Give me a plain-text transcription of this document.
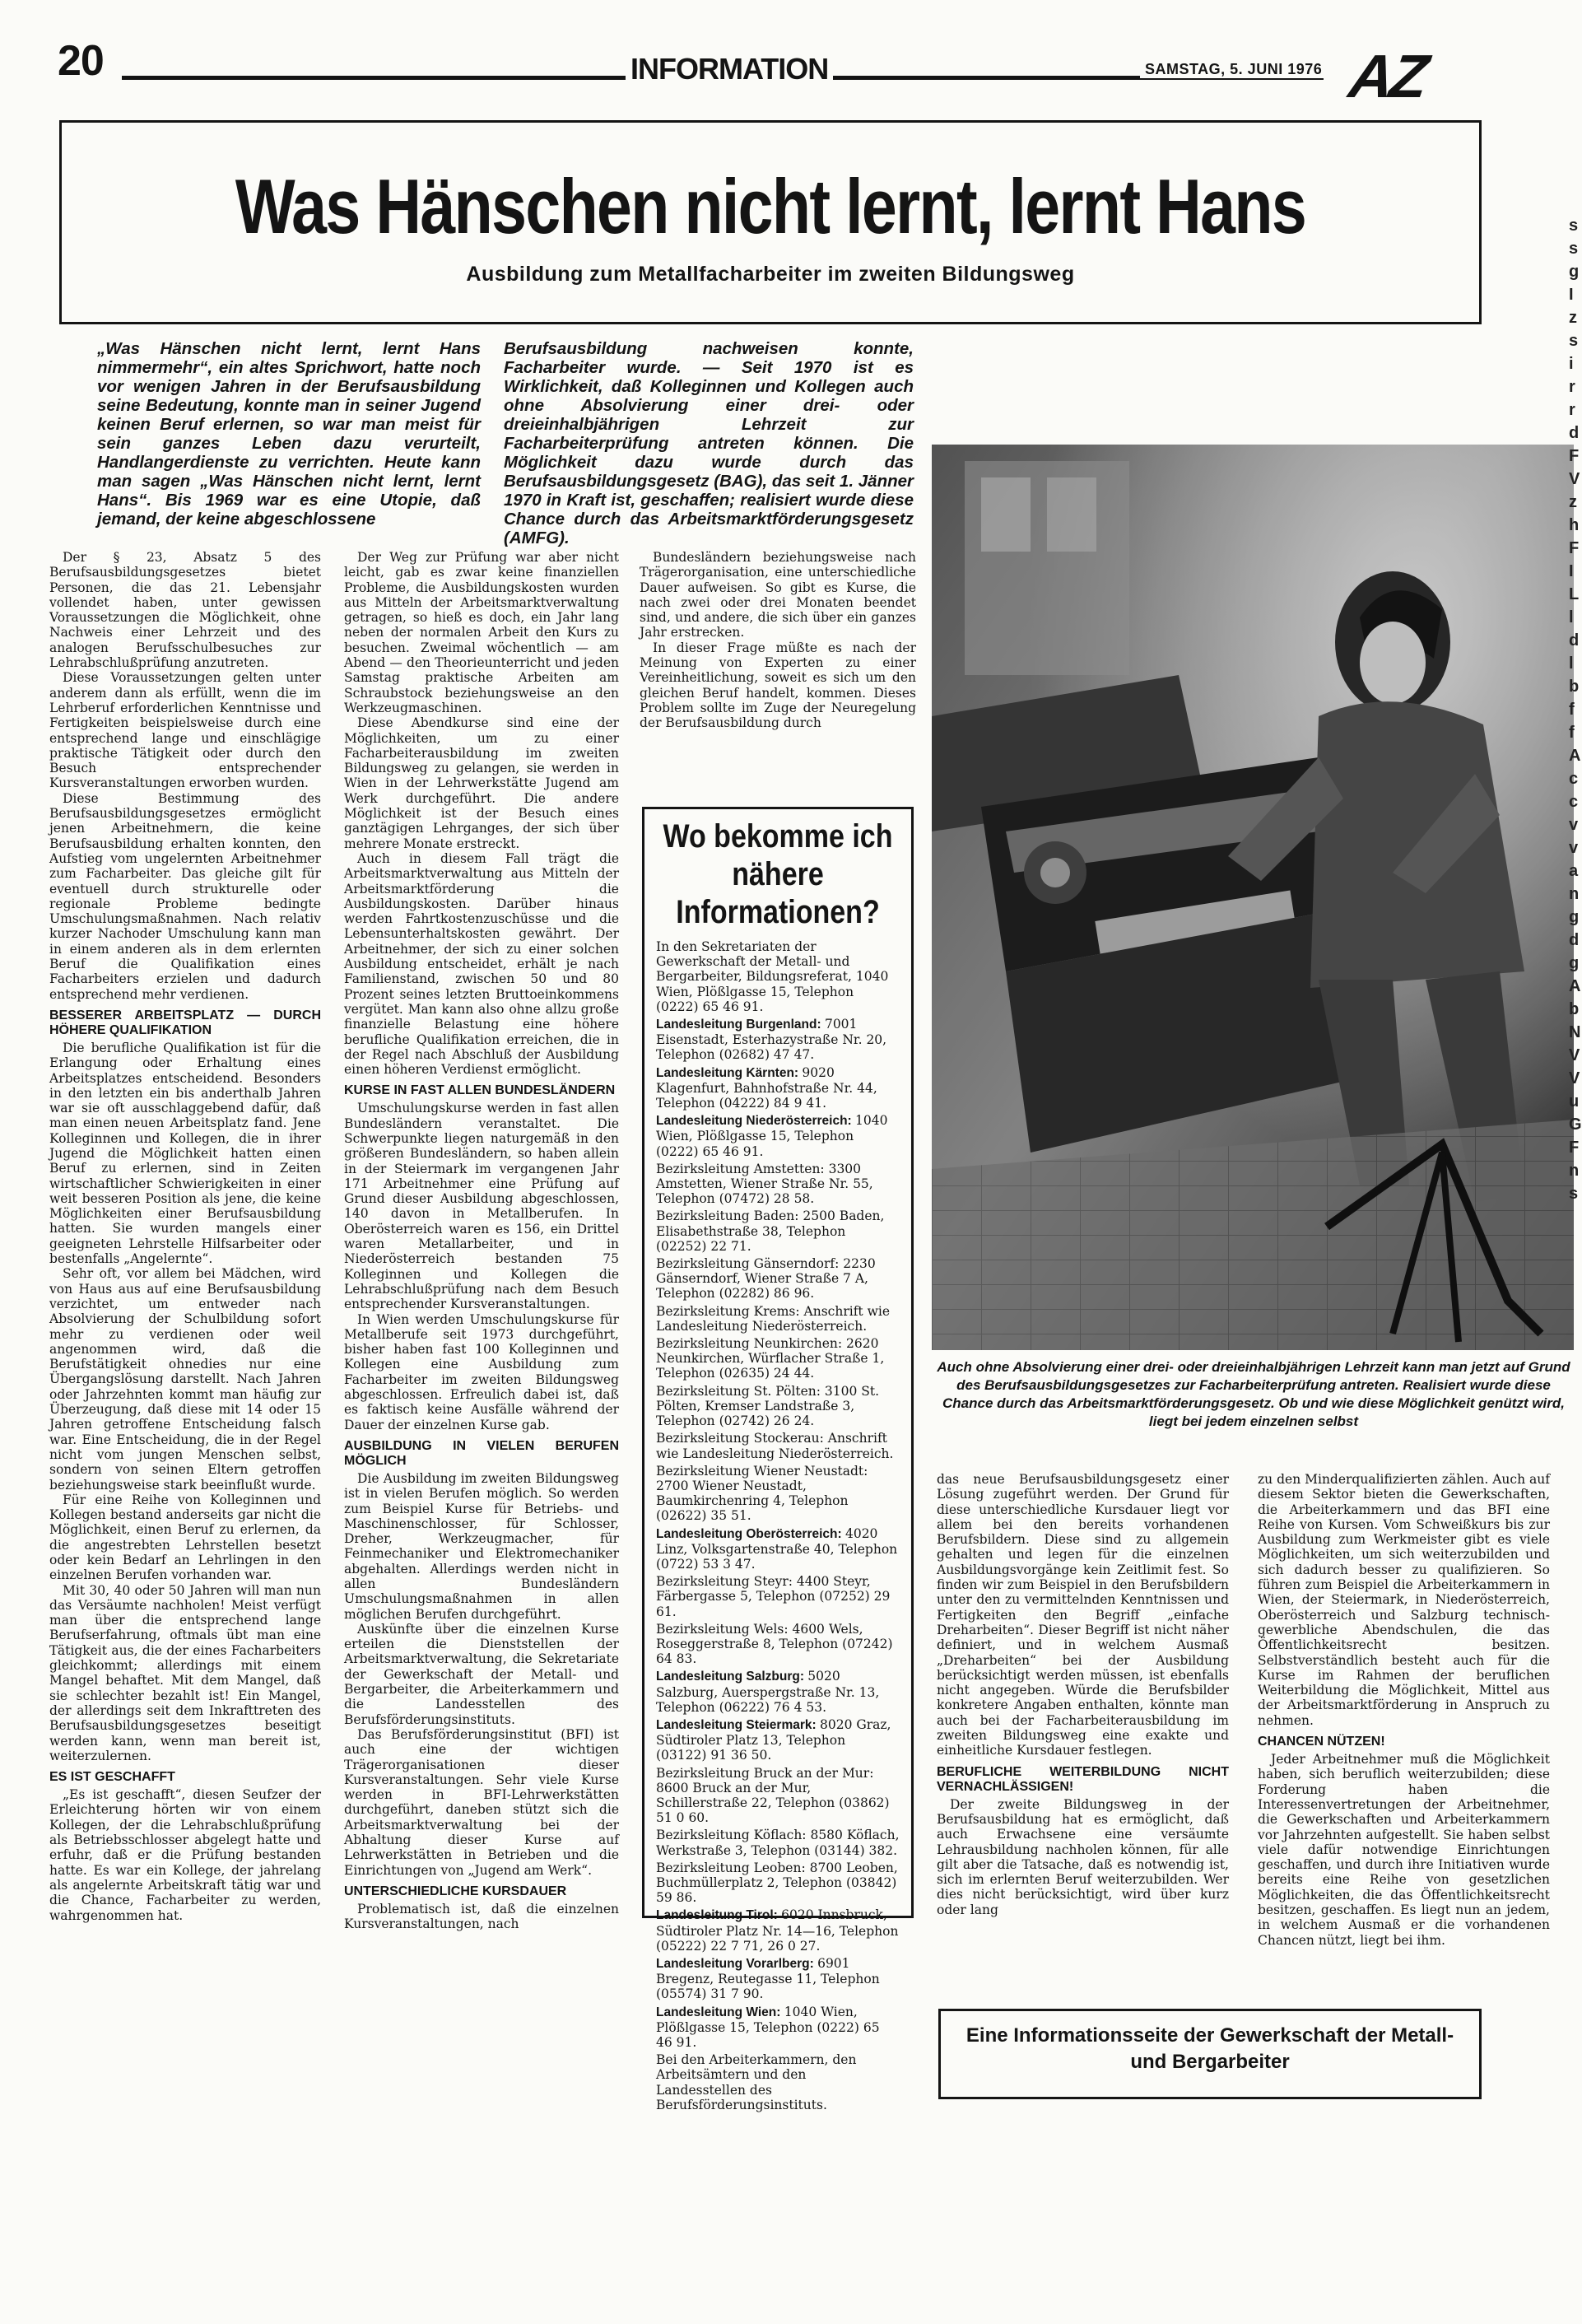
20	INFORMATION	SAMSTAG, 5. JUNI 1976 AZ
Was Hänschen nicht lernt, lernt Hans
Ausbildung zum Metallfacharbeiter im zweiten Bildungsweg
„Was Hänschen nicht lernt, lernt Hans nimmermehr“, ein altes Sprichwort, hatte noch vor wenigen Jahren in der Berufsausbildung seine Bedeutung, konnte man in seiner Jugend keinen Beruf erlernen, so war man meist für sein ganzes Leben dazu verurteilt, Handlangerdienste zu verrichten. Heute kann man sagen „Was Hänschen nicht lernt, lernt Hans“. Bis 1969 war es eine Utopie, daß jemand, der keine abgeschlossene
Berufsausbildung nachweisen konnte, Facharbeiter wurde. — Seit 1970 ist es Wirklichkeit, daß Kolleginnen und Kollegen auch ohne Absolvierung einer drei- oder dreieinhalbjährigen Lehrzeit zur Facharbeiterprüfung antreten können. Die Möglichkeit dazu wurde durch das Berufsausbildungsgesetz (BAG), das seit 1. Jänner 1970 in Kraft ist, geschaffen; realisiert wurde diese Chance durch das Arbeitsmarktförderungsgesetz (AMFG).

Der § 23, Absatz 5 des Berufsausbildungsgesetzes bietet Personen, die das 21. Lebensjahr vollendet haben, unter gewissen Voraussetzungen die Möglichkeit, ohne Nachweis einer Lehrzeit und des analogen Berufsschulbesuches zur Lehrabschlußprüfung anzutreten.

Diese Voraussetzungen gelten unter anderem dann als erfüllt, wenn die im Lehrberuf erforderlichen Kenntnisse und Fertigkeiten beispielsweise durch eine entsprechend lange und einschlägige praktische Tätigkeit oder durch den Besuch entsprechender Kursveranstaltungen erworben wurden.

Diese Bestimmung des Berufsausbildungsgesetzes ermöglicht jenen Arbeitnehmern, die keine Berufsausbildung erhalten konnten, den Aufstieg vom ungelernten Arbeitnehmer zum Facharbeiter. Das gleiche gilt für eventuell durch strukturelle oder regionale Probleme bedingte Umschulungsmaßnahmen. Nach relativ kurzer Nachoder Umschulung kann man in einem anderen als in dem erlernten Beruf die Qualifikation eines Facharbeiters erzielen und dadurch entsprechend mehr verdienen.

BESSERER ARBEITSPLATZ — DURCH HÖHERE QUALIFIKATION

Die berufliche Qualifikation ist für die Erlangung oder Erhaltung eines Arbeitsplatzes entscheidend. Besonders in den letzten ein bis anderthalb Jahren war sie oft ausschlaggebend dafür, daß man einen neuen Arbeitsplatz fand. Jene Kolleginnen und Kollegen, die in ihrer Jugend die Möglichkeit hatten einen Beruf zu erlernen, sind in Zeiten wirtschaftlicher Schwierigkeiten in einer weit besseren Position als jene, die keine Möglichkeiten einer Berufsausbildung hatten. Sie wurden mangels einer geeigneten Lehrstelle Hilfsarbeiter oder bestenfalls „Angelernte“.

Sehr oft, vor allem bei Mädchen, wird von Haus aus auf eine Berufsausbildung verzichtet, um entweder nach Absolvierung der Schulbildung sofort mehr zu verdienen oder weil angenommen wird, daß die Berufstätigkeit ohnedies nur eine Übergangslösung darstellt. Nach Jahren oder Jahrzehnten kommt man häufig zur Überzeugung, daß diese mit 14 oder 15 Jahren getroffene Entscheidung falsch war. Eine Entscheidung, die in der Regel nicht vom jungen Menschen selbst, sondern von seinen Eltern getroffen beziehungsweise stark beeinflußt wurde.

Für eine Reihe von Kolleginnen und Kollegen bestand anderseits gar nicht die Möglichkeit, einen Beruf zu erlernen, da die angestrebten Lehrstellen besetzt oder kein Bedarf an Lehrlingen in den einzelnen Berufen vorhanden war.

Mit 30, 40 oder 50 Jahren will man nun das Versäumte nachholen! Meist verfügt man über die entsprechend lange Berufserfahrung, oftmals übt man eine Tätigkeit aus, die der eines Facharbeiters gleichkommt; allerdings mit einem Mangel behaftet. Mit dem Mangel, daß sie schlechter bezahlt ist! Ein Mangel, der allerdings seit dem Inkrafttreten des Berufsausbildungsgesetzes beseitigt werden kann, wenn man bereit ist, weiterzulernen.

ES IST GESCHAFFT

„Es ist geschafft“, diesen Seufzer der Erleichterung hörten wir von einem Kollegen, der die Lehrabschlußprüfung als Betriebsschlosser abgelegt hatte und erfuhr, daß er die Prüfung bestanden hatte. Es war ein Kollege, der jahrelang als angelernte Arbeitskraft tätig war und die Chance, Facharbeiter zu werden, wahrgenommen hat.

Der Weg zur Prüfung war aber nicht leicht, gab es zwar keine finanziellen Probleme, die Ausbildungskosten wurden aus Mitteln der Arbeitsmarktverwaltung getragen, so hieß es doch, ein Jahr lang neben der normalen Arbeit den Kurs zu besuchen. Zweimal wöchentlich — am Abend — den Theorieunterricht und jeden Samstag praktische Arbeiten am Schraubstock beziehungsweise an den Werkzeugmaschinen.

Diese Abendkurse sind eine der Möglichkeiten, um zu einer Facharbeiterausbildung im zweiten Bildungsweg zu gelangen, sie werden in Wien in der Lehrwerkstätte Jugend am Werk durchgeführt. Die andere Möglichkeit ist der Besuch eines ganztägigen Lehrganges, der sich über mehrere Monate erstreckt.

Auch in diesem Fall trägt die Arbeitsmarktverwaltung aus Mitteln der Arbeitsmarktförderung die Ausbildungskosten. Darüber hinaus werden Fahrtkostenzuschüsse und die Lebensunterhaltskosten gewährt. Der Arbeitnehmer, der sich zu einer solchen Ausbildung entscheidet, erhält je nach Familienstand, zwischen 50 und 80 Prozent seines letzten Bruttoeinkommens vergütet. Man kann also ohne allzu große finanzielle Belastung eine höhere berufliche Qualifikation erreichen, die in der Regel nach Abschluß der Ausbildung einen höheren Verdienst ermöglicht.

KURSE IN FAST ALLEN BUNDESLÄNDERN

Umschulungskurse werden in fast allen Bundesländern veranstaltet. Die Schwerpunkte liegen naturgemäß in den größeren Bundesländern, so haben allein in der Steiermark im vergangenen Jahr 171 Arbeitnehmer eine Prüfung auf Grund dieser Ausbildung abgeschlossen, 140 davon in Metallberufen. In Oberösterreich waren es 156, ein Drittel waren Metallarbeiter, und in Niederösterreich bestanden 75 Kolleginnen und Kollegen die Lehrabschlußprüfung nach dem Besuch entsprechender Kursveranstaltungen.

In Wien werden Umschulungskurse für Metallberufe seit 1973 durchgeführt, bisher haben fast 100 Kolleginnen und Kollegen eine Ausbildung zum Facharbeiter im zweiten Bildungsweg abgeschlossen. Erfreulich dabei ist, daß es faktisch keine Ausfälle während der Dauer der einzelnen Kurse gab.

AUSBILDUNG IN VIELEN BERUFEN MÖGLICH

Die Ausbildung im zweiten Bildungsweg ist in vielen Berufen möglich. So werden zum Beispiel Kurse für Betriebs- und Maschinenschlosser, für Schlosser, Dreher, Werkzeugmacher, für Feinmechaniker und Elektromechaniker abgehalten. Allerdings werden nicht in allen Bundesländern Umschulungsmaßnahmen in allen möglichen Berufen durchgeführt.

Auskünfte über die einzelnen Kurse erteilen die Dienststellen der Arbeitsmarktverwaltung, die Sekretariate der Gewerkschaft der Metall- und Bergarbeiter, die Arbeiterkammern und die Landesstellen des Berufsförderungsinstituts.

Das Berufsförderungsinstitut (BFI) ist auch eine der wichtigen Trägerorganisationen dieser Kursveranstaltungen. Sehr viele Kurse werden in BFI-Lehrwerkstätten durchgeführt, daneben stützt sich die Arbeitsmarktverwaltung bei der Abhaltung dieser Kurse auf Lehrwerkstätten in Betrieben und die Einrichtungen von „Jugend am Werk“.

UNTERSCHIEDLICHE KURSDAUER

Problematisch ist, daß die einzelnen Kursveranstaltungen, nach

Bundesländern beziehungsweise nach Trägerorganisation, eine unterschiedliche Dauer aufweisen. So gibt es Kurse, die nach zwei oder drei Monaten beendet sind, und andere, die sich über ein ganzes Jahr erstrecken.

In dieser Frage müßte es nach der Meinung von Experten zu einer Vereinheitlichung, soweit es sich um den gleichen Beruf handelt, kommen. Dieses Problem sollte im Zuge der Neuregelung der Berufsausbildung durch

Wo bekomme ich nähere Informationen?

In den Sekretariaten der Gewerkschaft der Metall- und Bergarbeiter, Bildungsreferat, 1040 Wien, Plößlgasse 15, Telephon (0222) 65 46 91.

Landesleitung Burgenland: 7001 Eisenstadt, Esterhazystraße Nr. 20, Telephon (02682) 47 47.

Landesleitung Kärnten: 9020 Klagenfurt, Bahnhofstraße Nr. 44, Telephon (04222) 84 9 41.

Landesleitung Niederösterreich: 1040 Wien, Plößlgasse 15, Telephon (0222) 65 46 91.

Bezirksleitung Amstetten: 3300 Amstetten, Wiener Straße Nr. 55, Telephon (07472) 28 58.

Bezirksleitung Baden: 2500 Baden, Elisabethstraße 38, Telephon (02252) 22 71.

Bezirksleitung Gänserndorf: 2230 Gänserndorf, Wiener Straße 7 A, Telephon (02282) 86 96.

Bezirksleitung Krems: Anschrift wie Landesleitung Niederösterreich.

Bezirksleitung Neunkirchen: 2620 Neunkirchen, Würflacher Straße 1, Telephon (02635) 24 44.

Bezirksleitung St. Pölten: 3100 St. Pölten, Kremser Landstraße 3, Telephon (02742) 26 24.

Bezirksleitung Stockerau: Anschrift wie Landesleitung Niederösterreich.

Bezirksleitung Wiener Neustadt: 2700 Wiener Neustadt, Baumkirchenring 4, Telephon (02622) 35 51.

Landesleitung Oberösterreich: 4020 Linz, Volksgartenstraße 40, Telephon (0722) 53 3 47.

Bezirksleitung Steyr: 4400 Steyr, Färbergasse 5, Telephon (07252) 29 61.

Bezirksleitung Wels: 4600 Wels, Roseggerstraße 8, Telephon (07242) 64 83.

Landesleitung Salzburg: 5020 Salzburg, Auerspergstraße Nr. 13, Telephon (06222) 76 4 53.

Landesleitung Steiermark: 8020 Graz, Südtiroler Platz 13, Telephon (03122) 91 36 50.

Bezirksleitung Bruck an der Mur: 8600 Bruck an der Mur, Schillerstraße 22, Telephon (03862) 51 0 60.

Bezirksleitung Köflach: 8580 Köflach, Werkstraße 3, Telephon (03144) 382.

Bezirksleitung Leoben: 8700 Leoben, Buchmüllerplatz 2, Telephon (03842) 59 86.

Landesleitung Tirol: 6020 Innsbruck, Südtiroler Platz Nr. 14—16, Telephon (05222) 22 7 71, 26 0 27.

Landesleitung Vorarlberg: 6901 Bregenz, Reutegasse 11, Telephon (05574) 31 7 90.

Landesleitung Wien: 1040 Wien, Plößlgasse 15, Telephon (0222) 65 46 91.

Bei den Arbeiterkammern, den Arbeitsämtern und den Landesstellen des Berufsförderungsinstituts.

Auch ohne Absolvierung einer drei- oder dreieinhalbjährigen Lehrzeit kann man jetzt auf Grund des Berufsausbildungsgesetzes zur Facharbeiterprüfung antreten. Realisiert wurde diese Chance durch das Arbeitsmarktförderungsgesetz. Ob und wie diese Möglichkeit genützt wird, liegt bei jedem einzelnen selbst

das neue Berufsausbildungsgesetz einer Lösung zugeführt werden. Der Grund für diese unterschiedliche Kursdauer liegt vor allem bei den bereits vorhandenen Berufsbildern. Diese sind zu allgemein gehalten und legen für die einzelnen Ausbildungsvorgänge kein Zeitlimit fest. So finden wir zum Beispiel in den Berufsbildern unter den zu vermittelnden Kenntnissen und Fertigkeiten den Begriff „einfache Dreharbeiten“. Dieser Begriff ist nicht näher definiert, und in welchem Ausmaß „Dreharbeiten“ bei der Ausbildung berücksichtigt werden müssen, ist ebenfalls nicht angegeben. Würde die Berufsbilder konkretere Angaben enthalten, könnte man auch bei der Facharbeiterausbildung im zweiten Bildungsweg eine exakte und einheitliche Kursdauer festlegen.

BERUFLICHE WEITERBILDUNG NICHT VERNACHLÄSSIGEN!

Der zweite Bildungsweg in der Berufsausbildung hat es ermöglicht, daß auch Erwachsene eine versäumte Lehrausbildung nachholen können, für alle gilt aber die Tatsache, daß es notwendig ist, sich im erlernten Beruf weiterzubilden. Wer dies nicht berücksichtigt, wird über kurz oder lang

zu den Minderqualifizierten zählen. Auch auf diesem Sektor bieten die Gewerkschaften, die Arbeiterkammern und das BFI eine Reihe von Kursen. Vom Schweißkurs bis zur Ausbildung zum Werkmeister gibt es viele Möglichkeiten, um sich weiterzubilden und sich dadurch besser zu qualifizieren. So führen zum Beispiel die Arbeiterkammern in Wien, der Steiermark, in Niederösterreich, Oberösterreich und Salzburg technisch-gewerbliche Abendschulen, die das Öffentlichkeitsrecht besitzen. Selbstverständlich besteht auch für die Kurse im Rahmen der beruflichen Weiterbildung die Möglichkeit, Mittel aus der Arbeitsmarktförderung in Anspruch zu nehmen.

CHANCEN NÜTZEN!

Jeder Arbeitnehmer muß die Möglichkeit haben, sich beruflich weiterzubilden; diese Forderung haben die Interessenvertretungen der Arbeitnehmer, die Gewerkschaften und Arbeiterkammern vor Jahrzehnten aufgestellt. Sie haben selbst viele dafür notwendige Einrichtungen geschaffen, und durch ihre Initiativen wurde bereits eine Reihe von gesetzlichen Möglichkeiten, die das Öffentlichkeitsrecht besitzen, geschaffen. Es liegt nun an jedem, in welchem Ausmaß er die vorhandenen Chancen nützt, liegt bei ihm.

Eine Informationsseite der Gewerkschaft der Metall- und Bergarbeiter
s
s
g
I
z
s
i
r
r
d
F
V
z
h
F
I
L
l
d
l
b
f
f
A
c
c
v
v
a
n
g
d
g
A
b
N
V
V
u
G
F
n
s
